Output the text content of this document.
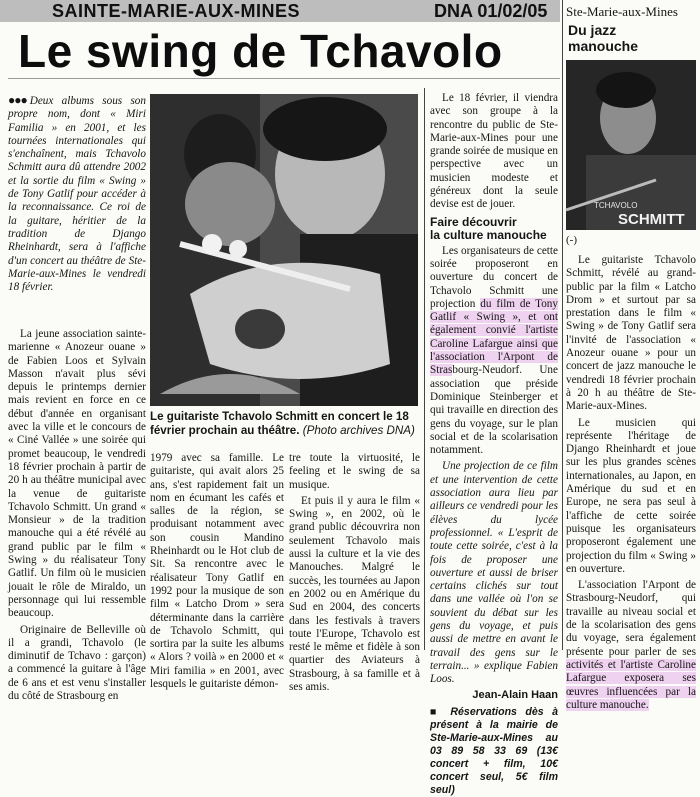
SAINTE-MARIE-AUX-MINES	DNA 01/02/05 Ste-Marie-aux-Mines
Le swing de Tchavolo

●●● Deux albums sous son propre nom, dont « Miri Familia » en 2001, et les tournées internationales qui s'enchaînent, mais Tchavolo Schmitt aura dû attendre 2002 et la sortie du film « Swing » de Tony Gatlif pour accéder à la reconnaissance. Ce roi de la guitare, héritier de la tradition de Django Rheinhardt, sera à l'affiche d'un concert au théâtre de Ste-Marie-aux-Mines le vendredi 18 février.

La jeune association sainte-marienne « Anozeur ouane » de Fabien Loos et Sylvain Masson n'avait plus sévi depuis le printemps dernier mais revient en force en ce début d'année en organisant avec la ville et le concours de « Ciné Vallée » une soirée qui promet beaucoup, le vendredi 18 février prochain à partir de 20 h au théâtre municipal avec la venue de guitariste Tchavolo Schmitt. Un grand « Monsieur » de la tradition manouche qui a été révélé au grand public par le film « Swing » du réalisateur Tony Gatlif. Un film où le musicien jouait le rôle de Miraldo, un personnage qui lui ressemble beaucoup.

Originaire de Belleville où il a grandi, Tchavolo (le diminutif de Tchavo : garçon) a commencé la guitare à l'âge de 6 ans et est venu s'installer du côté de Strasbourg en

Le guitariste Tchavolo Schmitt en concert le 18 février prochain au théâtre. (Photo archives DNA)

1979 avec sa famille. Le guitariste, qui avait alors 25 ans, s'est rapidement fait un nom en écumant les cafés et salles de la région, se produisant notamment avec son cousin Mandino Rheinhardt ou le Hot club de Sit. Sa rencontre avec le réalisateur Tony Gatlif en 1992 pour la musique de son film « Latcho Drom » sera déterminante dans la carrière de Tchavolo Schmitt, qui sortira par la suite les albums « Alors ? voilà » en 2000 et « Miri familia » en 2001, avec lesquels le guitariste démon-

tre toute la virtuosité, le feeling et le swing de sa musique.

Et puis il y aura le film « Swing », en 2002, où le grand public découvrira non seulement Tchavolo mais aussi la culture et la vie des Manouches. Malgré le succès, les tournées au Japon en 2002 ou en Amérique du Sud en 2004, des concerts dans les festivals à travers toute l'Europe, Tchavolo est resté le même et fidèle à son quartier des Aviateurs à Strasbourg, à sa famille et à ses amis.

Le 18 février, il viendra avec son groupe à la rencontre du public de Ste-Marie-aux-Mines pour une grande soirée de musique en perspective avec un musicien modeste et généreux dont la seule devise est de jouer.

Faire découvrir
la culture manouche

Les organisateurs de cette soirée proposeront en ouverture du concert de Tchavolo Schmitt une projection du film de Tony Gatlif « Swing », et ont également convié l'artiste Caroline Lafargue ainsi que l'association l'Arpont de Strasbourg-Neudorf. Une association que préside Dominique Steinberger et qui travaille en direction des gens du voyage, sur le plan social et de la scolarisation notamment.

Une projection de ce film et une intervention de cette association aura lieu par ailleurs ce vendredi pour les élèves du lycée professionnel. « L'esprit de toute cette soirée, c'est à la fois de proposer une ouverture et aussi de briser certains clichés sur tout dans une vallée où l'on se souvient du débat sur les gens du voyage, et puis aussi de mettre en avant le travail des gens sur le terrain... » explique Fabien Loos.

Jean-Alain Haan
■ Réservations dès à présent à la mairie de Ste-Marie-aux-Mines au 03 89 58 33 69 (13€ concert + film, 10€ concert seul, 5€ film seul)
Du jazz
manouche
TCHAVOLO
SCHMITT
(-)

Le guitariste Tchavolo Schmitt, révélé au grand-public par la film « Latcho Drom » et surtout par sa prestation dans le film « Swing » de Tony Gatlif sera l'invité de l'association « Anozeur ouane » pour un concert de jazz manouche le vendredi 18 février prochain à 20 h au théâtre de Ste-Marie-aux-Mines.

Le musicien qui représente l'héritage de Django Rheinhardt et joue sur les plus grandes scènes internationales, au Japon, en Amérique du sud et en Europe, ne sera pas seul à l'affiche de cette soirée puisque les organisateurs proposeront également une projection du film « Swing » en ouverture.

L'association l'Arpont de Strasbourg-Neudorf, qui travaille au niveau social et de la scolarisation des gens du voyage, sera également présente pour parler de ses activités et l'artiste Caroline Lafargue exposera ses œuvres influencées par la culture manouche.
